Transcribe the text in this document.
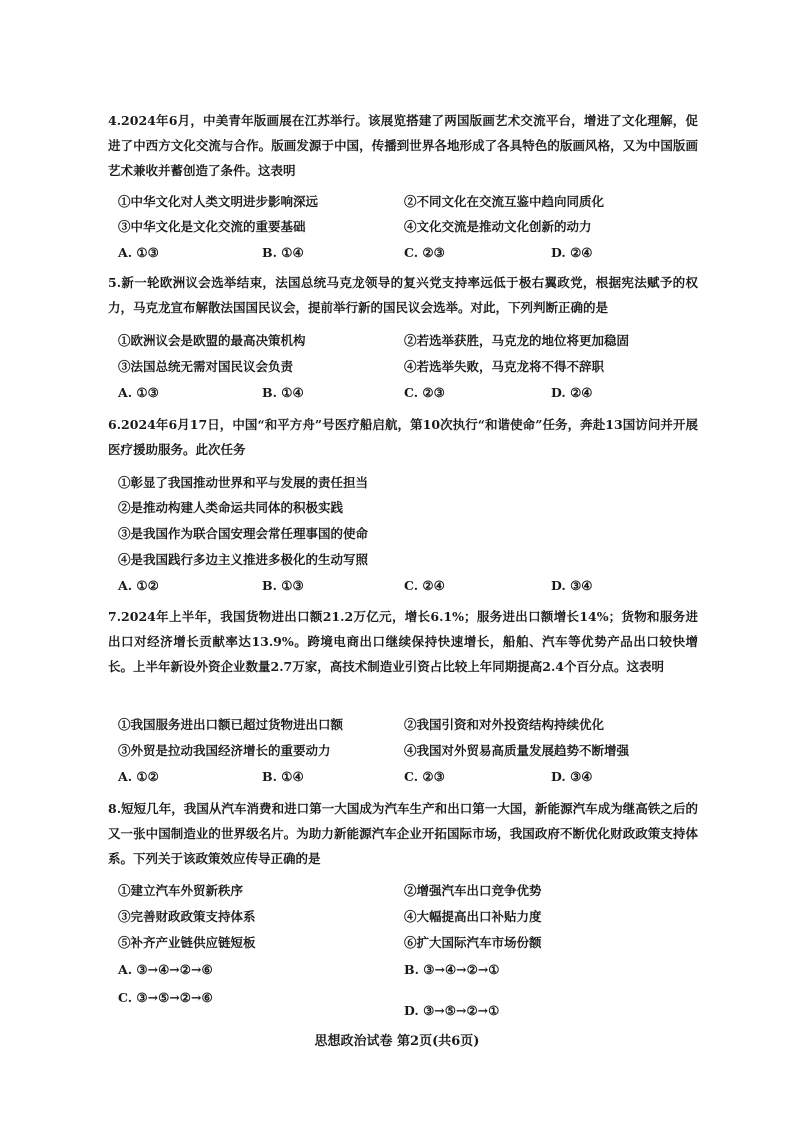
4.2024年6月，中美青年版画展在江苏举行。该展览搭建了两国版画艺术交流平台，增进了文化理解，促进了中西方文化交流与合作。版画发源于中国，传播到世界各地形成了各具特色的版画风格，又为中国版画艺术兼收并蓄创造了条件。这表明
①中华文化对人类文明进步影响深远	②不同文化在交流互鉴中趋向同质化
③中华文化是文化交流的重要基础	④文化交流是推动文化创新的动力
A. ①③	B. ①④	C. ②③	D. ②④
5.新一轮欧洲议会选举结束，法国总统马克龙领导的复兴党支持率远低于极右翼政党，根据宪法赋予的权力，马克龙宣布解散法国国民议会，提前举行新的国民议会选举。对此，下列判断正确的是
①欧洲议会是欧盟的最高决策机构	②若选举获胜，马克龙的地位将更加稳固
③法国总统无需对国民议会负责	④若选举失败，马克龙将不得不辞职
A. ①③	B. ①④	C. ②③	D. ②④
6.2024年6月17日，中国“和平方舟”号医疗船启航，第10次执行“和谐使命”任务，奔赴13国访问并开展医疗援助服务。此次任务
①彰显了我国推动世界和平与发展的责任担当
②是推动构建人类命运共同体的积极实践
③是我国作为联合国安理会常任理事国的使命
④是我国践行多边主义推进多极化的生动写照
A. ①②	B. ①③	C. ②④	D. ③④
7.2024年上半年，我国货物进出口额21.2万亿元，增长6.1%；服务进出口额增长14%；货物和服务进出口对经济增长贡献率达13.9%。跨境电商出口继续保持快速增长，船舶、汽车等优势产品出口较快增长。上半年新设外资企业数量2.7万家，高技术制造业引资占比较上年同期提高2.4个百分点。这表明
①我国服务进出口额已超过货物进出口额	②我国引资和对外投资结构持续优化
③外贸是拉动我国经济增长的重要动力	④我国对外贸易高质量发展趋势不断增强
A. ①②	B. ①④	C. ②③	D. ③④
8.短短几年，我国从汽车消费和进口第一大国成为汽车生产和出口第一大国，新能源汽车成为继高铁之后的又一张中国制造业的世界级名片。为助力新能源汽车企业开拓国际市场，我国政府不断优化财政政策支持体系。下列关于该政策效应传导正确的是
①建立汽车外贸新秩序	②增强汽车出口竞争优势
③完善财政政策支持体系	④大幅提高出口补贴力度
⑤补齐产业链供应链短板	⑥扩大国际汽车市场份额
A. ③→④→②→⑥	B. ③→④→②→①
C. ③→⑤→②→⑥
D. ③→⑤→②→①
思想政治试卷 第2页(共6页)
